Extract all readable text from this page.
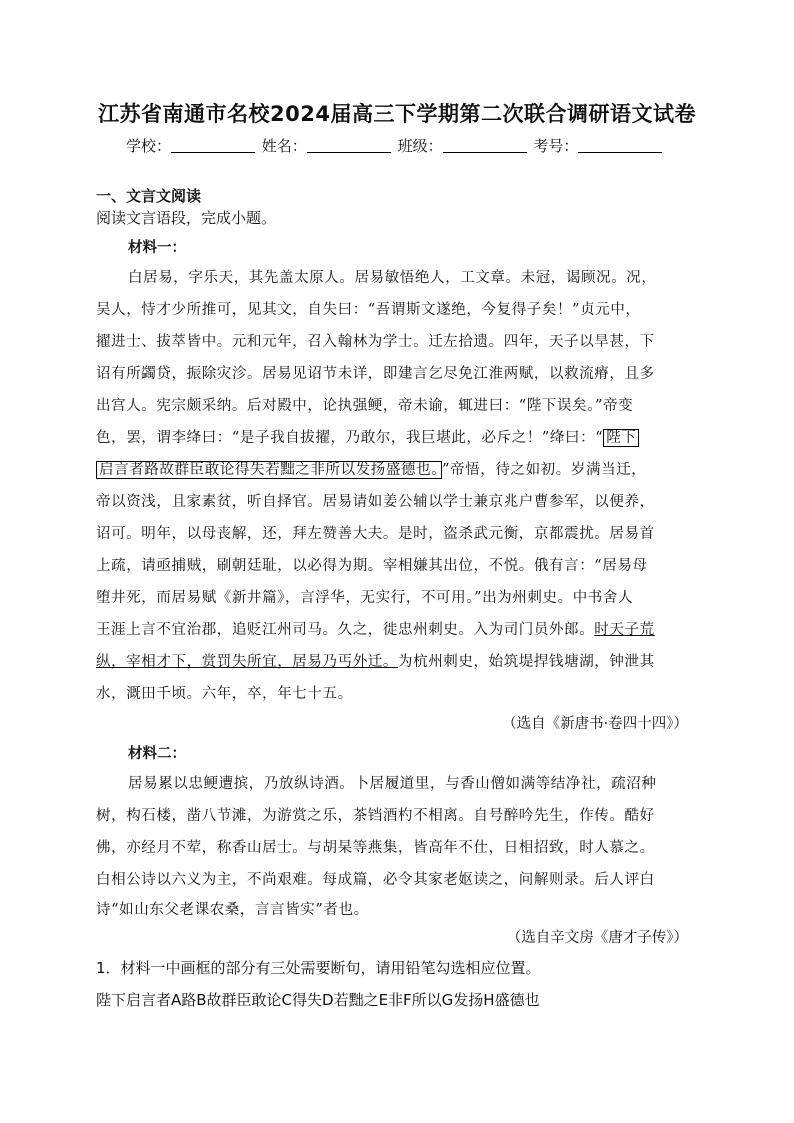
江苏省南通市名校2024届高三下学期第二次联合调研语文试卷
学校：	姓名：	班级：	考号：
一、文言文阅读
阅读文言语段，完成小题。
材料一：
白居易，字乐天，其先盖太原人。居易敏悟绝人，工文章。未冠，谒顾况。况，
吴人，恃才少所推可，见其文，自失曰：“吾谓斯文遂绝，今复得子矣！”贞元中，
擢进士、拔萃皆中。元和元年，召入翰林为学士。迁左拾遗。四年，天子以旱甚，下
诏有所蠲贷，振除灾沴。居易见诏节未详，即建言乞尽免江淮两赋，以救流瘠，且多
出宫人。宪宗颇采纳。后对殿中，论执强鲠，帝未谕，辄进曰：“陛下误矣。”帝变
色，罢，谓李绛曰：“是子我自拔擢，乃敢尔，我巨堪此，必斥之！”绛曰：“ 陛下
启言者路故群臣敢论得失若黜之非所以发扬盛德也。 ”帝悟，待之如初。岁满当迁，
帝以资浅，且家素贫，听自择官。居易请如姜公辅以学士兼京兆户曹参军，以便养，
诏可。明年，以母丧解，还，拜左赞善大夫。是时，盗杀武元衡，京都震扰。居易首
上疏，请亟捕贼，刷朝廷耻，以必得为期。宰相嫌其出位，不悦。俄有言：“居易母
堕井死，而居易赋《新井篇》，言浮华，无实行，不可用。”出为州刺史。中书舍人
王涯上言不宜治郡，追贬江州司马。久之，徙忠州刺史。入为司门员外郎。时天子荒
纵，宰相才下，赏罚失所宜，居易乃丐外迁。为杭州刺史，始筑堤捍钱塘湖，钟泄其
水，溉田千顷。六年，卒，年七十五。
（选自《新唐书·卷四十四》）
材料二：
居易累以忠鲠遭摈，乃放纵诗酒。卜居履道里，与香山僧如满等结净社，疏沼种
树，构石楼，凿八节滩，为游赏之乐，茶铛酒杓不相离。自号醉吟先生，作传。酷好
佛，亦经月不荤，称香山居士。与胡杲等燕集，皆高年不仕，日相招致，时人慕之。
白相公诗以六义为主，不尚艰难。每成篇，必令其家老妪读之，问解则录。后人评白
诗“如山东父老课农桑，言言皆实”者也。
（选自辛文房《唐才子传》）
1．材料一中画框的部分有三处需要断句，请用铅笔勾选相应位置。
陛下启言者A路B故群臣敢论C得失D若黜之E非F所以G发扬H盛德也
